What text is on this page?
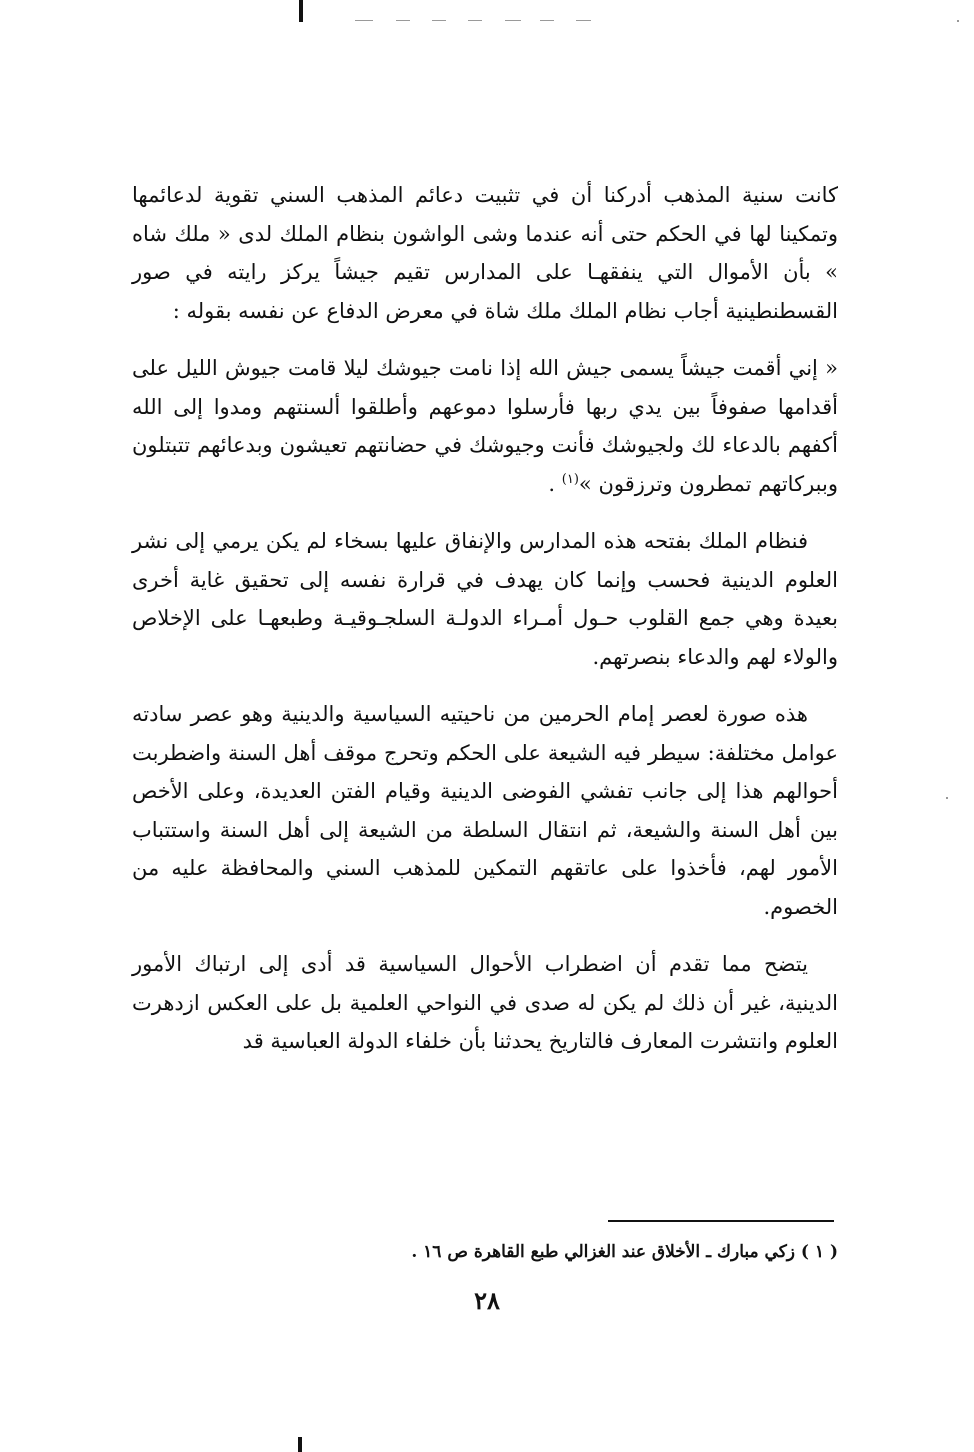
كانت سنية المذهب أدركنا أن في تثبيت دعائم المذهب السني تقوية لدعائمها وتمكينا لها في الحكم حتى أنه عندما وشى الواشون بنظام الملك لدى « ملك شاه » بأن الأموال التي ينفقهـا على المدارس تقيم جيشاً يركز رايته في صور القسطنطينية أجاب نظام الملك ملك شاة في معرض الدفاع عن نفسه بقوله :

« إني أقمت جيشاً يسمى جيش الله إذا نامت جيوشك ليلا قامت جيوش الليل على أقدامها صفوفاً بين يدي ربها فأرسلوا دموعهم وأطلقوا ألسنتهم ومدوا إلى الله أكفهم بالدعاء لك ولجيوشك فأنت وجيوشك في حضانتهم تعيشون وبدعائهم تتبتلون وببركاتهم تمطرون وترزقون »$^{(١)}$ .

فنظام الملك بفتحه هذه المدارس والإنفاق عليها بسخاء لم يكن يرمي إلى نشر العلوم الدينية فحسب وإنما كان يهدف في قرارة نفسه إلى تحقيق غاية أخرى بعيدة وهي جمع القلوب حـول أمـراء الدولـة السلجـوقيـة وطبعهـا على الإخلاص والولاء لهم والدعاء بنصرتهم.

هذه صورة لعصر إمام الحرمين من ناحيتيه السياسية والدينية وهو عصر سادته عوامل مختلفة: سيطر فيه الشيعة على الحكم وتحرج موقف أهل السنة واضطربت أحوالهم هذا إلى جانب تفشي الفوضى الدينية وقيام الفتن العديدة، وعلى الأخص بين أهل السنة والشيعة، ثم انتقال السلطة من الشيعة إلى أهل السنة واستتباب الأمور لهم، فأخذوا على عاتقهم التمكين للمذهب السني والمحافظة عليه من الخصوم.

يتضح مما تقدم أن اضطراب الأحوال السياسية قد أدى إلى ارتباك الأمور الدينية، غير أن ذلك لم يكن له صدى في النواحي العلمية بل على العكس ازدهرت العلوم وانتشرت المعارف فالتاريخ يحدثنا بأن خلفاء الدولة العباسية قد

( ١ ) زكي مبارك ـ الأخلاق عند الغزالي طبع القاهرة ص ١٦ .
٢٨
